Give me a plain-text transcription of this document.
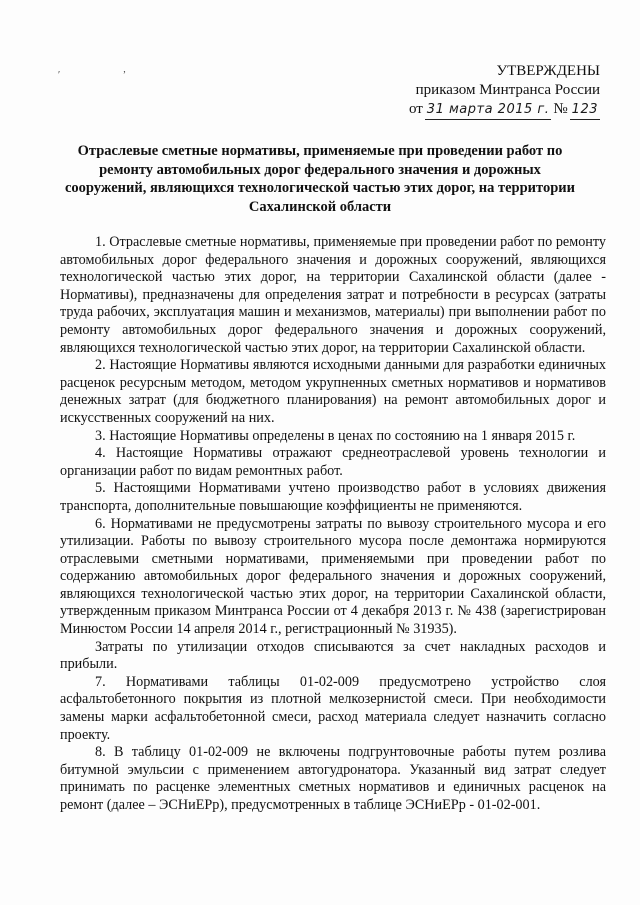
′ ’	УТВЕРЖДЕНЫ
приказом Минтранса России
от 31 марта 2015 г. № 123
Отраслевые сметные нормативы, применяемые при проведении работ по ремонту автомобильных дорог федерального значения и дорожных сооружений, являющихся технологической частью этих дорог, на территории Сахалинской области

1. Отраслевые сметные нормативы, применяемые при проведении работ по ремонту автомобильных дорог федерального значения и дорожных сооружений, являющихся технологической частью этих дорог, на территории Сахалинской области (далее - Нормативы), предназначены для определения затрат и потребности в ресурсах (затраты труда рабочих, эксплуатация машин и механизмов, материалы) при выполнении работ по ремонту автомобильных дорог федерального значения и дорожных сооружений, являющихся технологической частью этих дорог, на территории Сахалинской области.

2. Настоящие Нормативы являются исходными данными для разработки единичных расценок ресурсным методом, методом укрупненных сметных нормативов и нормативов денежных затрат (для бюджетного планирования) на ремонт автомобильных дорог и искусственных сооружений на них.

3. Настоящие Нормативы определены в ценах по состоянию на 1 января 2015 г.

4. Настоящие Нормативы отражают среднеотраслевой уровень технологии и организации работ по видам ремонтных работ.

5. Настоящими Нормативами учтено производство работ в условиях движения транспорта, дополнительные повышающие коэффициенты не применяются.

6. Нормативами не предусмотрены затраты по вывозу строительного мусора и его утилизации. Работы по вывозу строительного мусора после демонтажа нормируются отраслевыми сметными нормативами, применяемыми при проведении работ по содержанию автомобильных дорог федерального значения и дорожных сооружений, являющихся технологической частью этих дорог, на территории Сахалинской области, утвержденным приказом Минтранса России от 4 декабря 2013 г. № 438 (зарегистрирован Минюстом России 14 апреля 2014 г., регистрационный № 31935).

Затраты по утилизации отходов списываются за счет накладных расходов и прибыли.

7. Нормативами таблицы 01-02-009 предусмотрено устройство слоя асфальтобетонного покрытия из плотной мелкозернистой смеси. При необходимости замены марки асфальтобетонной смеси, расход материала следует назначить согласно проекту.

8. В таблицу 01-02-009 не включены подгрунтовочные работы путем розлива битумной эмульсии с применением автогудронатора. Указанный вид затрат следует принимать по расценке элементных сметных нормативов и единичных расценок на ремонт (далее – ЭСНиЕРр), предусмотренных в таблице ЭСНиЕРр - 01-02-001.
